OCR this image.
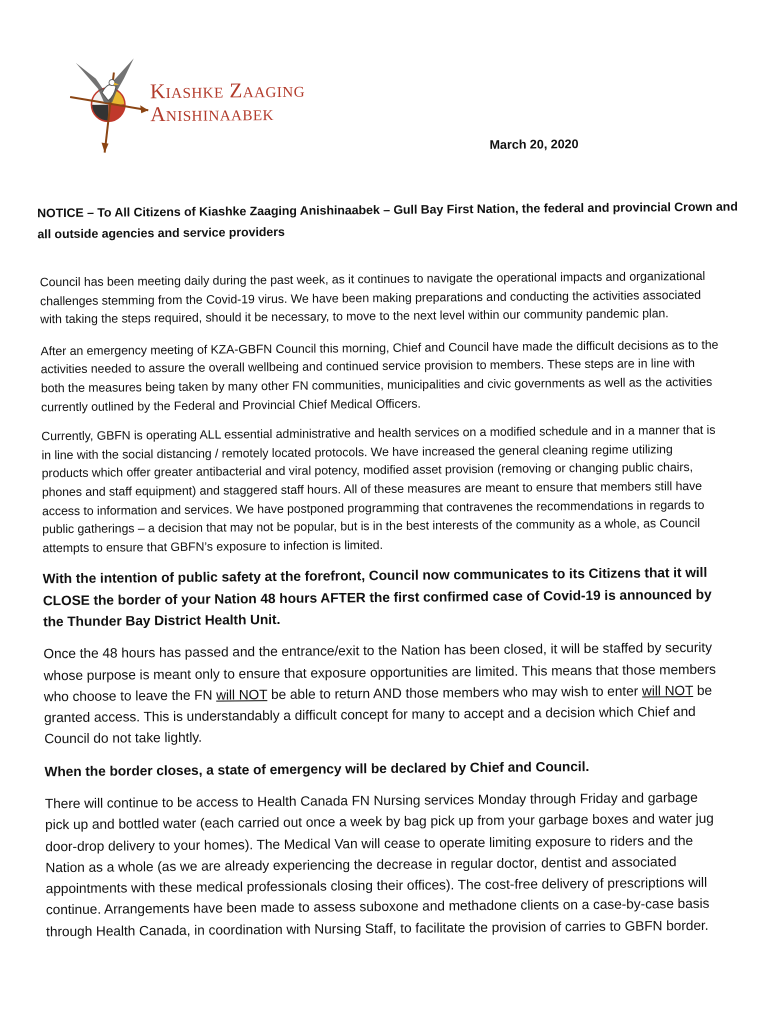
Kiashke Zaaging
Anishinaabek
March 20, 2020
NOTICE – To All Citizens of Kiashke Zaaging Anishinaabek – Gull Bay First Nation, the federal and provincial Crown and all outside agencies and service providers

Council has been meeting daily during the past week, as it continues to navigate the operational impacts and organizational challenges stemming from the Covid-19 virus. We have been making preparations and conducting the activities associated with taking the steps required, should it be necessary, to move to the next level within our community pandemic plan.

After an emergency meeting of KZA-GBFN Council this morning, Chief and Council have made the difficult decisions as to the activities needed to assure the overall wellbeing and continued service provision to members. These steps are in line with both the measures being taken by many other FN communities, municipalities and civic governments as well as the activities currently outlined by the Federal and Provincial Chief Medical Officers.

Currently, GBFN is operating ALL essential administrative and health services on a modified schedule and in a manner that is in line with the social distancing / remotely located protocols. We have increased the general cleaning regime utilizing products which offer greater antibacterial and viral potency, modified asset provision (removing or changing public chairs, phones and staff equipment) and staggered staff hours. All of these measures are meant to ensure that members still have access to information and services. We have postponed programming that contravenes the recommendations in regards to public gatherings – a decision that may not be popular, but is in the best interests of the community as a whole, as Council attempts to ensure that GBFN’s exposure to infection is limited.

With the intention of public safety at the forefront, Council now communicates to its Citizens that it will CLOSE the border of your Nation 48 hours AFTER the first confirmed case of Covid-19 is announced by the Thunder Bay District Health Unit.

Once the 48 hours has passed and the entrance/exit to the Nation has been closed, it will be staffed by security whose purpose is meant only to ensure that exposure opportunities are limited. This means that those members who choose to leave the FN will NOT be able to return AND those members who may wish to enter will NOT be granted access. This is understandably a difficult concept for many to accept and a decision which Chief and Council do not take lightly.

When the border closes, a state of emergency will be declared by Chief and Council.

There will continue to be access to Health Canada FN Nursing services Monday through Friday and garbage pick up and bottled water (each carried out once a week by bag pick up from your garbage boxes and water jug door-drop delivery to your homes). The Medical Van will cease to operate limiting exposure to riders and the Nation as a whole (as we are already experiencing the decrease in regular doctor, dentist and associated appointments with these medical professionals closing their offices). The cost-free delivery of prescriptions will continue. Arrangements have been made to assess suboxone and methadone clients on a case-by-case basis through Health Canada, in coordination with Nursing Staff, to facilitate the provision of carries to GBFN border.
